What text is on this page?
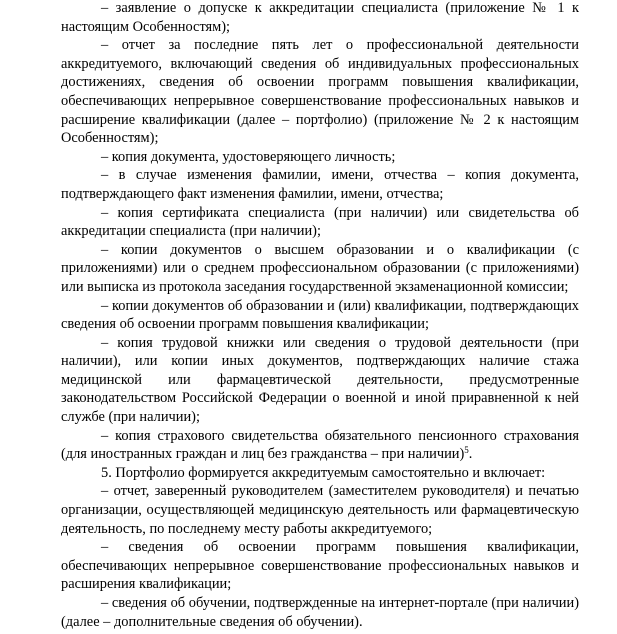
– заявление о допуске к аккредитации специалиста (приложение № 1 к настоящим Особенностям);

– отчет за последние пять лет о профессиональной деятельности аккредитуемого, включающий сведения об индивидуальных профессиональных достижениях, сведения об освоении программ повышения квалификации, обеспечивающих непрерывное совершенствование профессиональных навыков и расширение квалификации (далее – портфолио) (приложение № 2 к настоящим Особенностям);

– копия документа, удостоверяющего личность;

– в случае изменения фамилии, имени, отчества – копия документа, подтверждающего факт изменения фамилии, имени, отчества;

– копия сертификата специалиста (при наличии) или свидетельства об аккредитации специалиста (при наличии);

– копии документов о высшем образовании и о квалификации (с приложениями) или о среднем профессиональном образовании (с приложениями) или выписка из протокола заседания государственной экзаменационной комиссии;

– копии документов об образовании и (или) квалификации, подтверждающих сведения об освоении программ повышения квалификации;

– копия трудовой книжки или сведения о трудовой деятельности (при наличии), или копии иных документов, подтверждающих наличие стажа медицинской или фармацевтической деятельности, предусмотренные законодательством Российской Федерации о военной и иной приравненной к ней службе (при наличии);

– копия страхового свидетельства обязательного пенсионного страхования (для иностранных граждан и лиц без гражданства – при наличии)$^5$.

5. Портфолио формируется аккредитуемым самостоятельно и включает:

– отчет, заверенный руководителем (заместителем руководителя) и печатью организации, осуществляющей медицинскую деятельность или фармацевтическую деятельность, по последнему месту работы аккредитуемого;

– сведения об освоении программ повышения квалификации, обеспечивающих непрерывное совершенствование профессиональных навыков и расширения квалификации;

– сведения об обучении, подтвержденные на интернет-портале (при наличии) (далее – дополнительные сведения об обучении).
